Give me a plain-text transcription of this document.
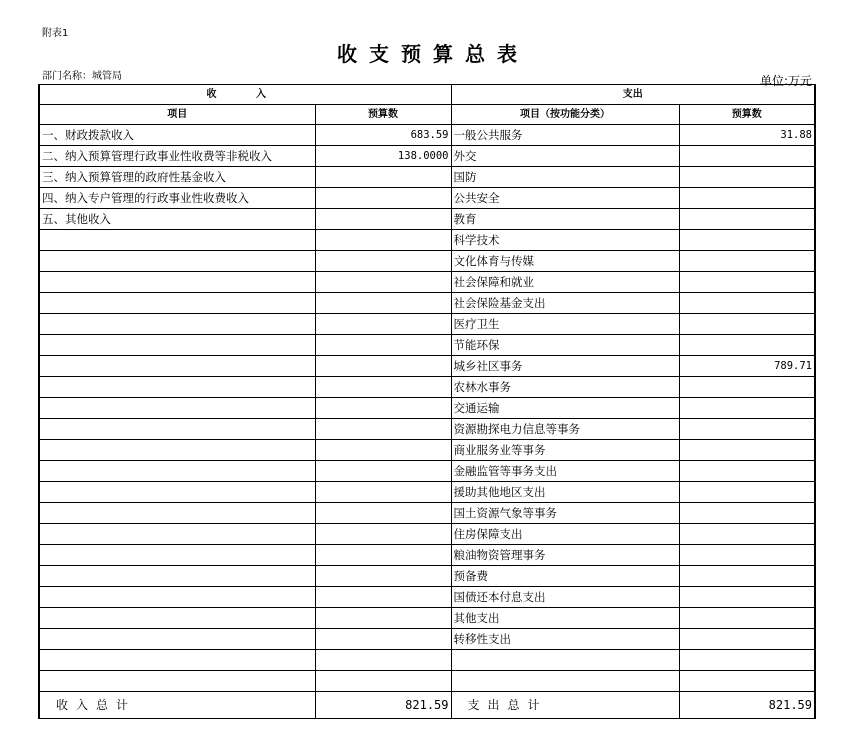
附表1
收支预算总表
部门名称：城管局	单位:万元
收 入		支出	
项目	预算数	项目（按功能分类）	预算数
一、财政拨款收入	683.59	一般公共服务	31.88
二、纳入预算管理行政事业性收费等非税收入	138.0000	外交	
三、纳入预算管理的政府性基金收入		国防	
四、纳入专户管理的行政事业性收费收入		公共安全	
五、其他收入		教育	
		科学技术	
		文化体育与传媒	
		社会保障和就业	
		社会保险基金支出	
		医疗卫生	
		节能环保	
		城乡社区事务	789.71
		农林水事务	
		交通运输	
		资源勘探电力信息等事务	
		商业服务业等事务	
		金融监管等事务支出	
		援助其他地区支出	
		国土资源气象等事务	
		住房保障支出	
		粮油物资管理事务	
		预备费	
		国债还本付息支出	
		其他支出	
		转移性支出	

收入总计	821.59	支出总计	821.59
